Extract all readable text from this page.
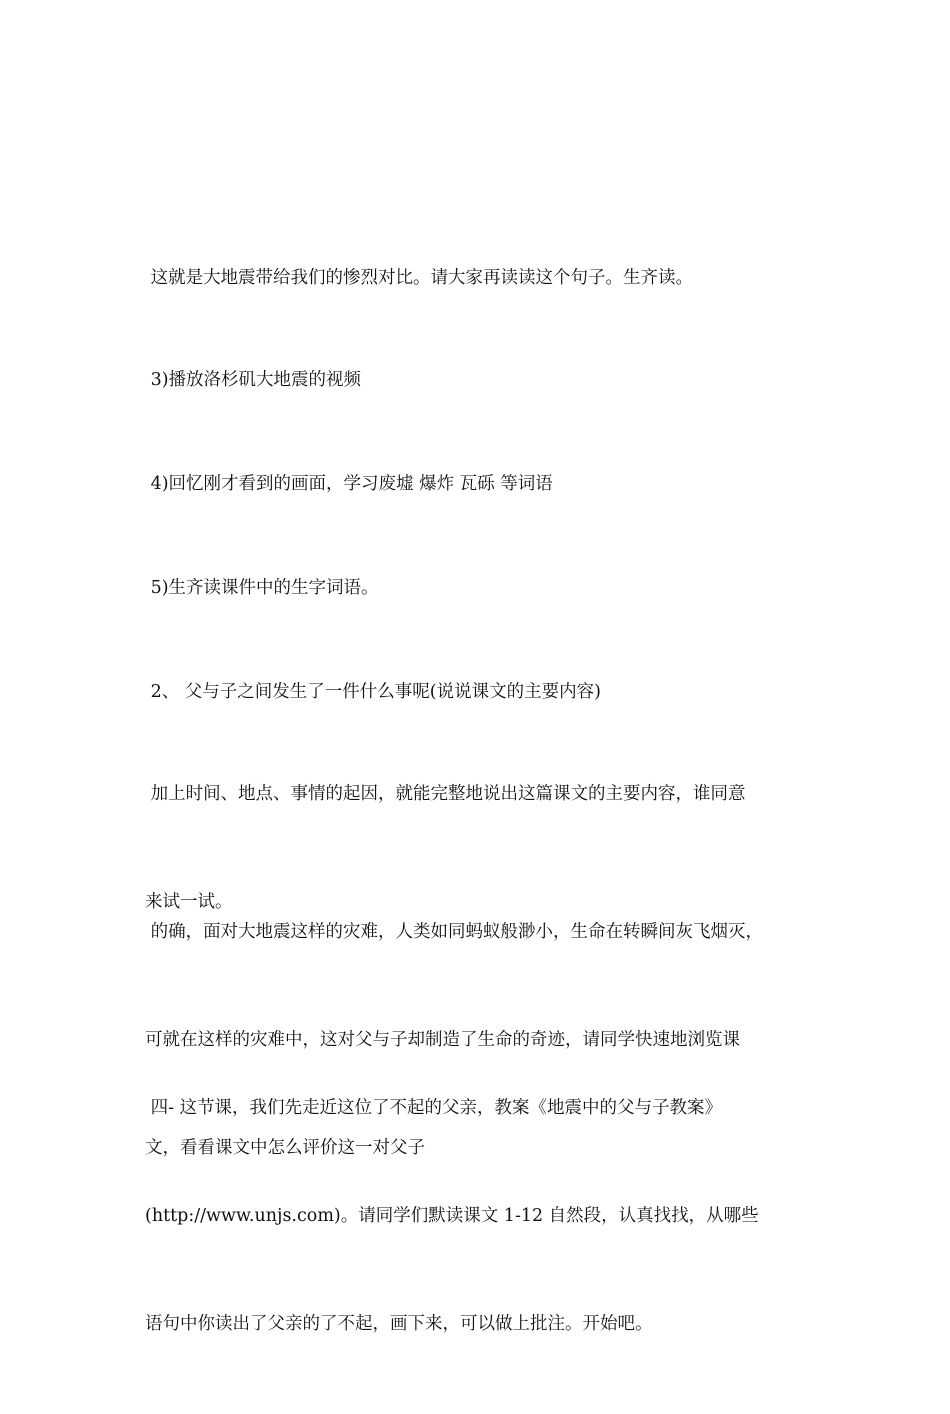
这就是大地震带给我们的惨烈对比。请大家再读读这个句子。生齐读。

3)播放洛杉矶大地震的视频

4)回忆刚才看到的画面，学习废墟 爆炸 瓦砾 等词语

5)生齐读课件中的生字词语。

2、 父与子之间发生了一件什么事呢(说说课文的主要内容)

加上时间、地点、事情的起因，就能完整地说出这篇课文的主要内容，谁同意

来试一试。

的确，面对大地震这样的灾难，人类如同蚂蚁般渺小，生命在转瞬间灰飞烟灭，

可就在这样的灾难中，这对父与子却制造了生命的奇迹，请同学快速地浏览课

文，看看课文中怎么评价这一对父子

四- 这节课，我们先走近这位了不起的父亲，教案《地震中的父与子教案》

(http://www.unjs.com)。请同学们默读课文 1-12 自然段，认真找找，从哪些

语句中你读出了父亲的了不起，画下来，可以做上批注。开始吧。
